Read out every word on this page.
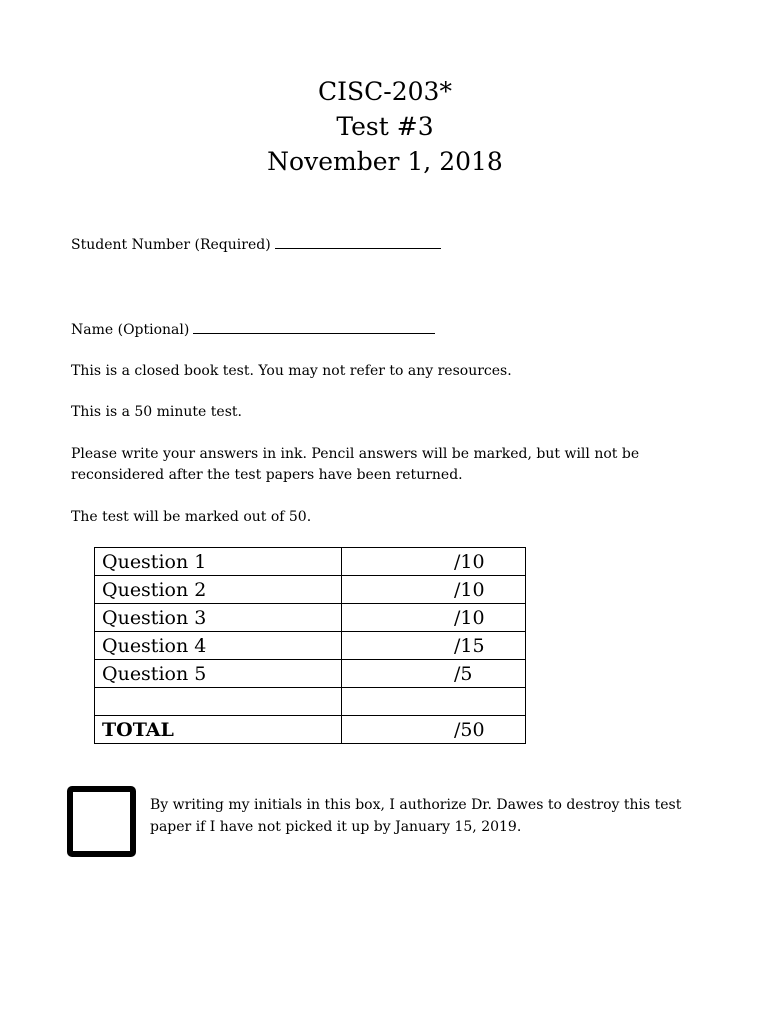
CISC-203*
Test #3
November 1, 2018
Student Number (Required)
Name (Optional)
This is a closed book test. You may not refer to any resources.
This is a 50 minute test.
Please write your answers in ink. Pencil answers will be marked, but will not be reconsidered after the test papers have been returned.
The test will be marked out of 50.
Question 1	/10
Question 2	/10
Question 3	/10
Question 4	/15
Question 5	/5

TOTAL	/50
By writing my initials in this box, I authorize Dr. Dawes to destroy this test paper if I have not picked it up by January 15, 2019.
